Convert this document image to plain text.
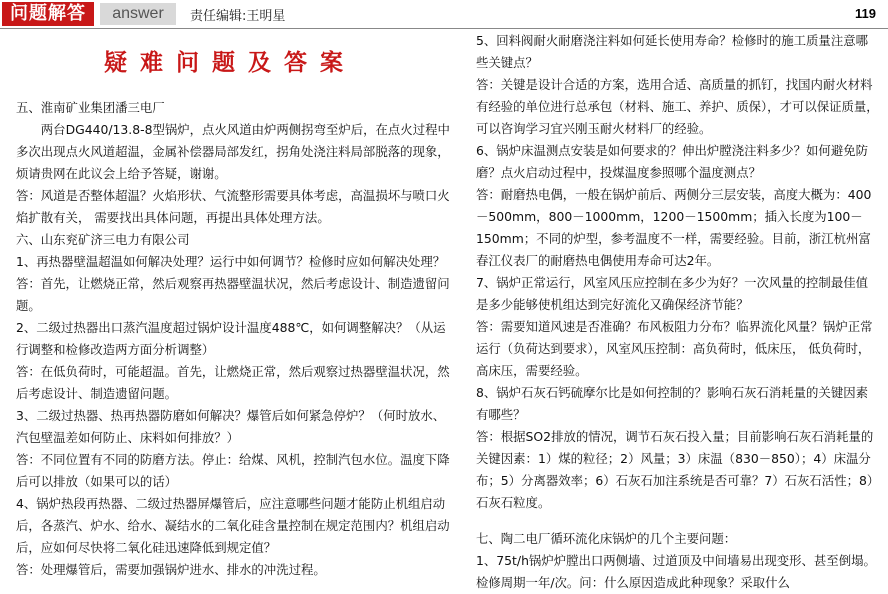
问题解答	answer	责任编辑:王明星	119
疑难问题及答案

五、淮南矿业集团潘三电厂

两台DG440/13.8-8型锅炉，点火风道由炉两侧拐弯至炉后，在点火过程中多次出现点火风道超温，金属补偿器局部发红，拐角处浇注料局部脱落的现象，烦请贵网在此议会上给予答疑，谢谢。

答：风道是否整体超温？火焰形状、气流整形需要具体考虑，高温损坏与喷口火焰扩散有关， 需要找出具体问题，再提出具体处理方法。

六、山东兖矿济三电力有限公司

1、再热器壁温超温如何解决处理？运行中如何调节？检修时应如何解决处理？

答：首先，让燃烧正常，然后观察再热器壁温状况，然后考虑设计、制造遗留问题。

2、二级过热器出口蒸汽温度超过锅炉设计温度488℃，如何调整解决？（从运行调整和检修改造两方面分析调整）

答：在低负荷时，可能超温。首先，让燃烧正常，然后观察过热器壁温状况，然后考虑设计、制造遗留问题。

3、二级过热器、热再热器防磨如何解决？爆管后如何紧急停炉？（何时放水、汽包壁温差如何防止、床料如何排放？）

答：不同位置有不同的防磨方法。停止：给煤、风机，控制汽包水位。温度下降后可以排放（如果可以的话）

4、锅炉热段再热器、二级过热器屏爆管后，应注意哪些问题才能防止机组启动后，各蒸汽、炉水、给水、凝结水的二氧化硅含量控制在规定范围内？机组启动后，应如何尽快将二氧化硅迅速降低到规定值？

答：处理爆管后，需要加强锅炉进水、排水的冲洗过程。

5、回料阀耐火耐磨浇注料如何延长使用寿命？检修时的施工质量注意哪些关键点？

答：关键是设计合适的方案，选用合适、高质量的抓钉，找国内耐火材料有经验的单位进行总承包（材料、施工、养护、质保），才可以保证质量，可以咨询学习宜兴刚玉耐火材料厂的经验。

6、锅炉床温测点安装是如何要求的？伸出炉膛浇注料多少？如何避免防磨？点火启动过程中，投煤温度参照哪个温度测点？

答：耐磨热电偶，一般在锅炉前后、两侧分三层安装，高度大概为：400－500mm，800－1000mm，1200－1500mm；插入长度为100－150mm；不同的炉型，参考温度不一样，需要经验。目前，浙江杭州富春江仪表厂的耐磨热电偶使用寿命可达2年。

7、锅炉正常运行，风室风压应控制在多少为好？一次风量的控制最佳值是多少能够使机组达到完好流化又确保经济节能？

答：需要知道风速是否准确？布风板阻力分布？临界流化风量？锅炉正常运行（负荷达到要求），风室风压控制：高负荷时，低床压， 低负荷时，高床压，需要经验。

8、锅炉石灰石钙硫摩尔比是如何控制的？影响石灰石消耗量的关键因素有哪些？

答：根据SO2排放的情况，调节石灰石投入量；目前影响石灰石消耗量的关键因素：1）煤的粒径；2）风量；3）床温（830－850）；4）床温分布；5）分离器效率；6）石灰石加注系统是否可靠？7）石灰石活性；8）石灰石粒度。

七、陶二电厂循环流化床锅炉的几个主要问题：

1、75t/h锅炉炉膛出口两侧墙、过道顶及中间墙易出现变形、甚至倒塌。检修周期一年/次。问：什么原因造成此种现象？采取什么
